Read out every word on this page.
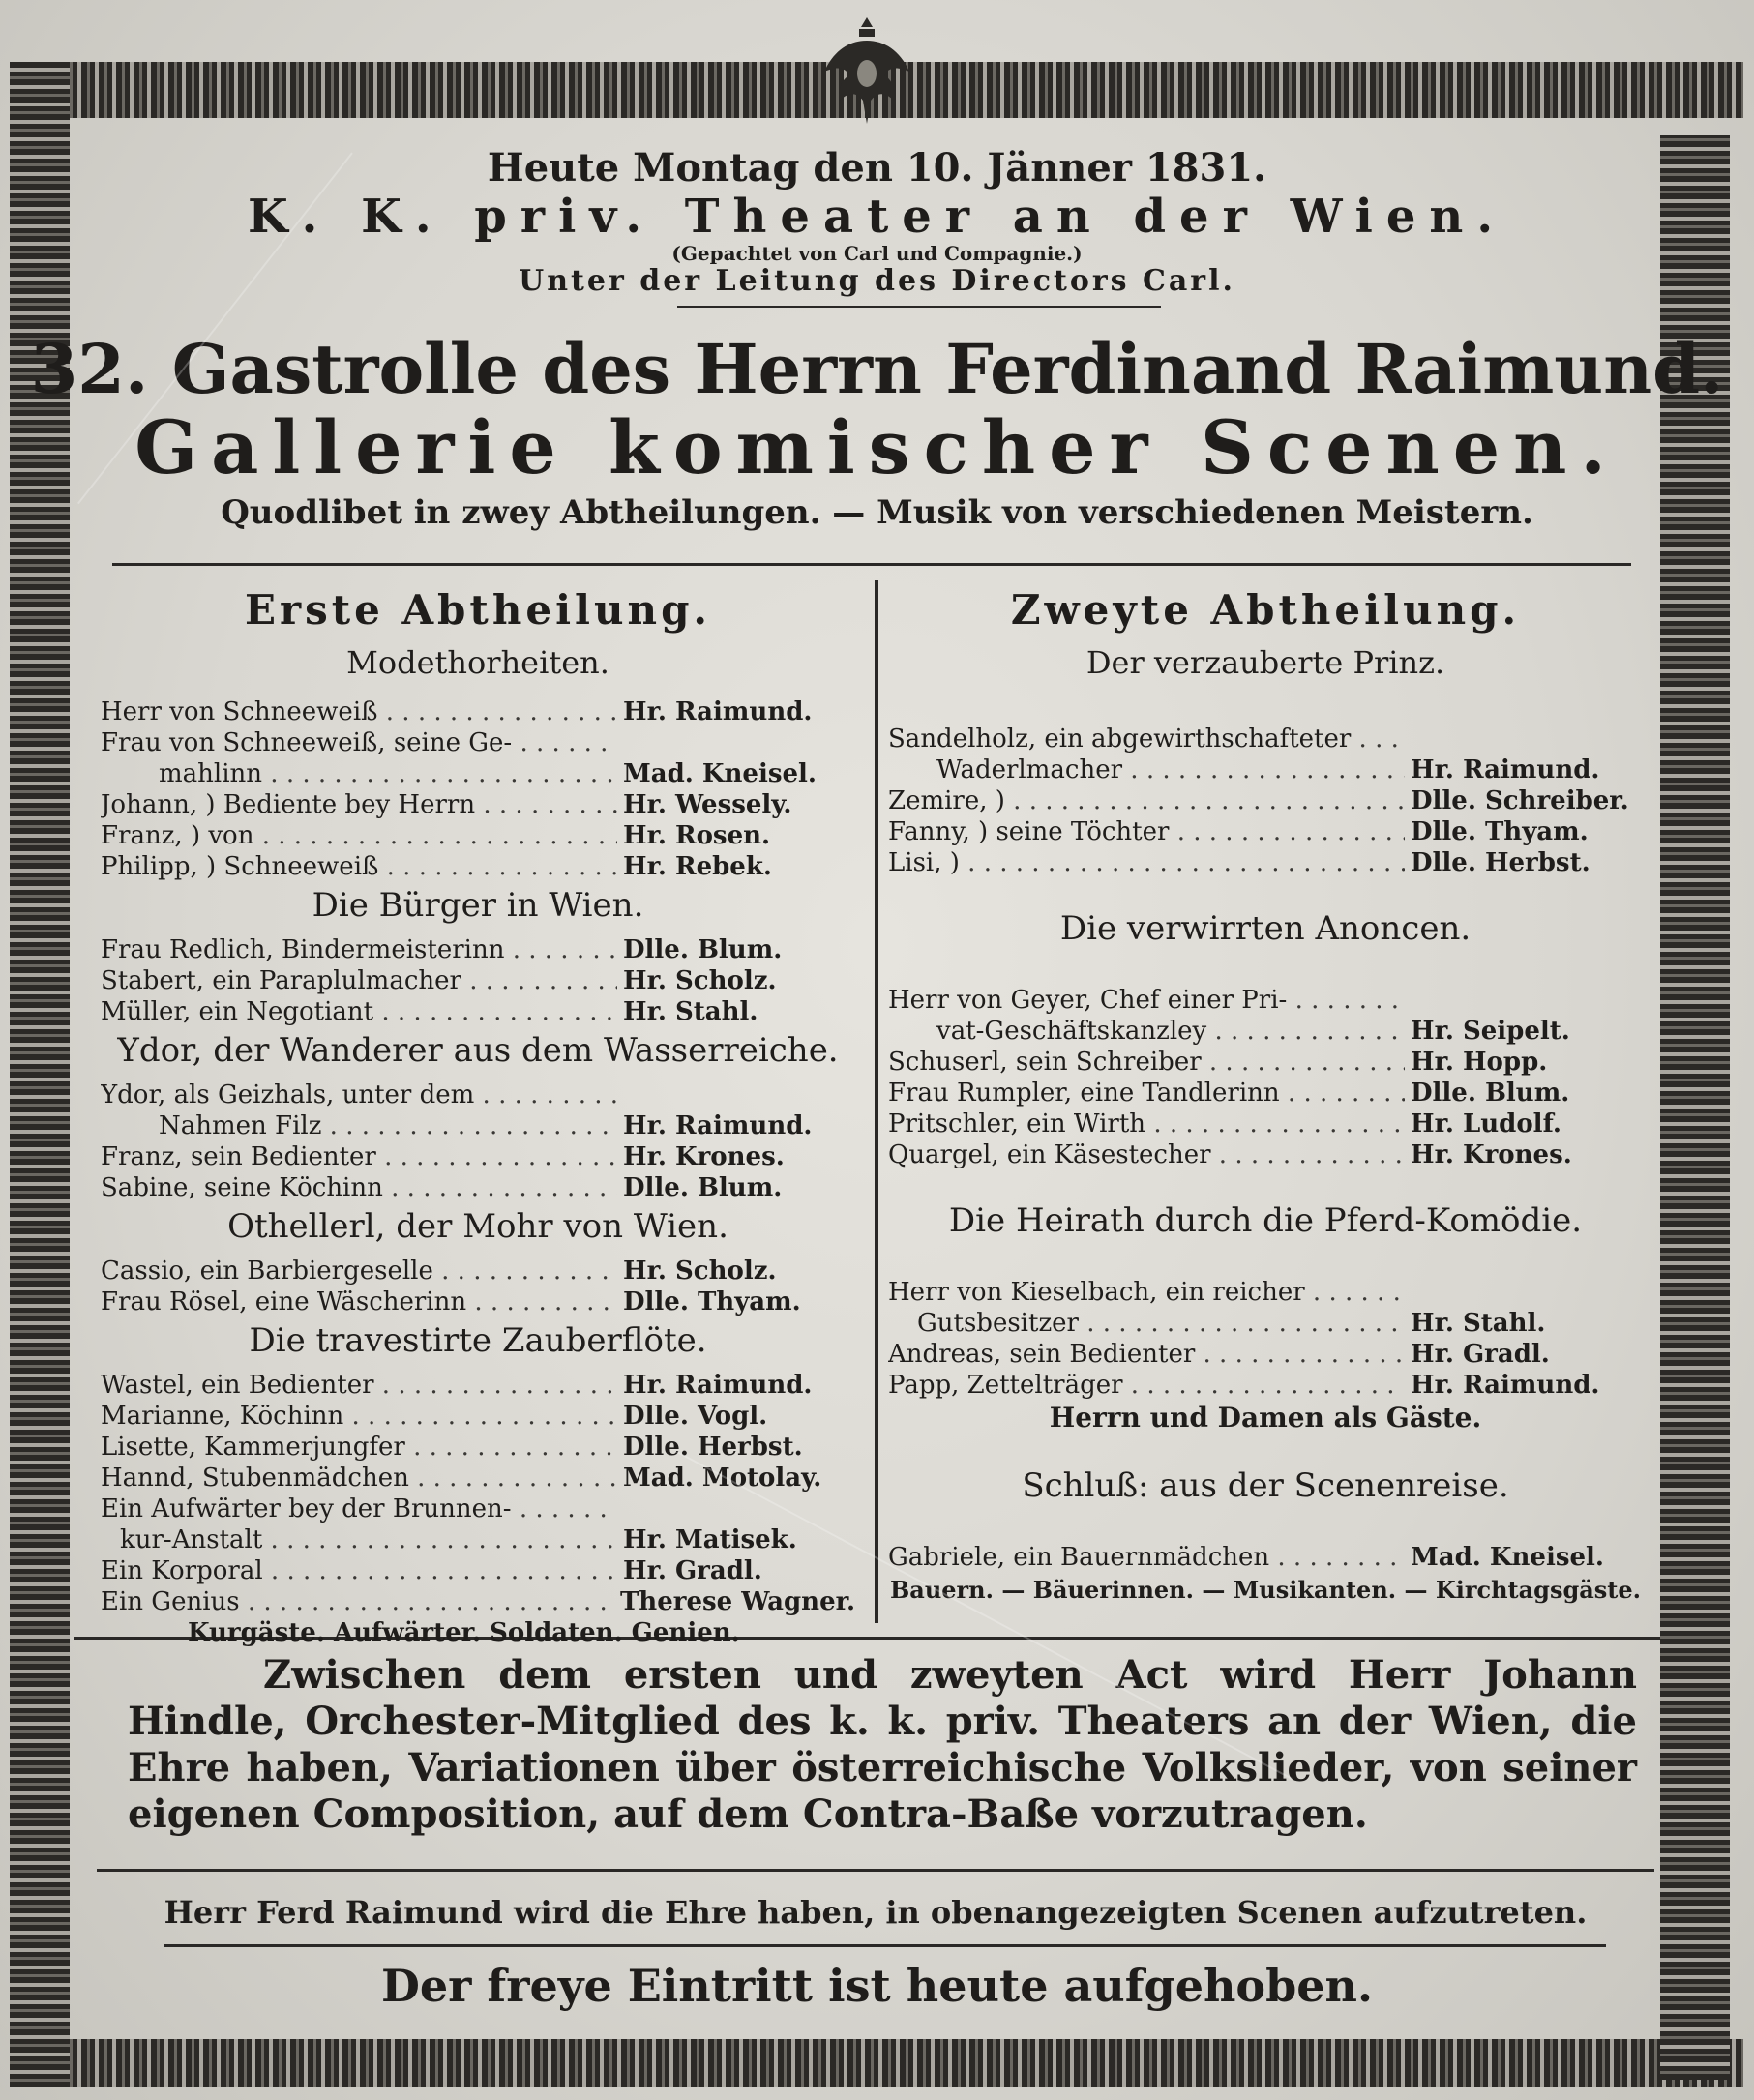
Heute Montag den 10. Jänner 1831.
K. K. priv. Theater an der Wien.
(Gepachtet von Carl und Compagnie.)
Unter der Leitung des Directors Carl.
32. Gastrolle des Herrn Ferdinand Raimund.
Gallerie komischer Scenen.
Quodlibet in zwey Abtheilungen. — Musik von verschiedenen Meistern.
Erste Abtheilung.
Modethorheiten.
Herr von Schneeweiß . . .	Hr. Raimund.
Frau von Schneeweiß, seine Ge- . . .
mahlinn . . .	Mad. Kneisel.
Johann, ) Bediente bey Herrn . . .	Hr. Wessely.
Franz, ) von . . .	Hr. Rosen.
Philipp, ) Schneeweiß . . .	Hr. Rebek.
Die Bürger in Wien.
Frau Redlich, Bindermeisterinn . . .	Dlle. Blum.
Stabert, ein Paraplulmacher . . .	Hr. Scholz.
Müller, ein Negotiant . . .	Hr. Stahl.
Ydor, der Wanderer aus dem Wasserreiche.
Ydor, als Geizhals, unter dem . . .
Nahmen Filz . . .	Hr. Raimund.
Franz, sein Bedienter . . .	Hr. Krones.
Sabine, seine Köchinn . . .	Dlle. Blum.
Othellerl, der Mohr von Wien.
Cassio, ein Barbiergeselle . . .	Hr. Scholz.
Frau Rösel, eine Wäscherinn . . .	Dlle. Thyam.
Die travestirte Zauberflöte.
Wastel, ein Bedienter . . .	Hr. Raimund.
Marianne, Köchinn . . .	Dlle. Vogl.
Lisette, Kammerjungfer . . .	Dlle. Herbst.
Hannd, Stubenmädchen . . .	Mad. Motolay.
Ein Aufwärter bey der Brunnen- . . .
kur-Anstalt . . .	Hr. Matisek.
Ein Korporal . . .	Hr. Gradl.
Ein Genius . . .	Therese Wagner.
Kurgäste. Aufwärter. Soldaten. Genien.
Zweyte Abtheilung.
Der verzauberte Prinz.
Sandelholz, ein abgewirthschafteter . . .
Waderlmacher . . .	Hr. Raimund.
Zemire, ) . . .	Dlle. Schreiber.
Fanny, ) seine Töchter . . .	Dlle. Thyam.
Lisi, ) . . .	Dlle. Herbst.
Die verwirrten Anoncen.
Herr von Geyer, Chef einer Pri- . . .
vat-Geschäftskanzley . . .	Hr. Seipelt.
Schuserl, sein Schreiber . . .	Hr. Hopp.
Frau Rumpler, eine Tandlerinn . . .	Dlle. Blum.
Pritschler, ein Wirth . . .	Hr. Ludolf.
Quargel, ein Käsestecher . . .	Hr. Krones.
Die Heirath durch die Pferd-Komödie.
Herr von Kieselbach, ein reicher . . .
Gutsbesitzer . . .	Hr. Stahl.
Andreas, sein Bedienter . . .	Hr. Gradl.
Papp, Zettelträger . . .	Hr. Raimund.
Herrn und Damen als Gäste.
Schluß: aus der Scenenreise.
Gabriele, ein Bauernmädchen . . .	Mad. Kneisel.
Bauern. — Bäuerinnen. — Musikanten. — Kirchtagsgäste.
Zwischen dem ersten und zweyten Act wird Herr Johann Hindle, Orchester-Mitglied des k. k. priv. Theaters an der Wien, die Ehre haben, Variationen über österreichische Volkslieder, von seiner eigenen Composition, auf dem Contra-Baße vorzutragen.
Herr Ferd Raimund wird die Ehre haben, in obenangezeigten Scenen aufzutreten.
Der freye Eintritt ist heute aufgehoben.
